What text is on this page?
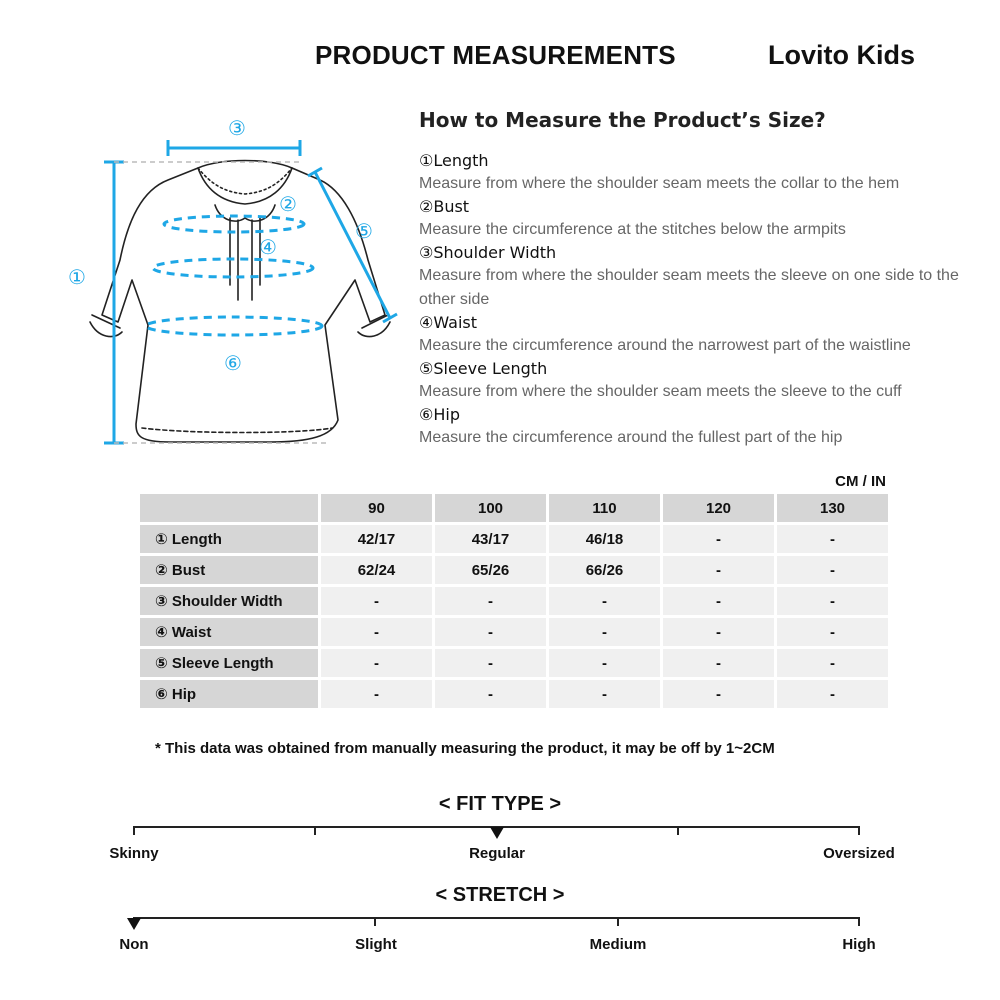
PRODUCT MEASUREMENTS	Lovito Kids
③
②
④
⑤
①
⑥
How to Measure the Product’s Size?
①Length
Measure from where the shoulder seam meets the collar to the hem
②Bust
Measure the circumference at the stitches below the armpits
③Shoulder Width
Measure from where the shoulder seam meets the sleeve on one side to the other side
④Waist
Measure the circumference around the narrowest part of the waistline
⑤Sleeve Length
Measure from where the shoulder seam meets the sleeve to the cuff
⑥Hip
Measure the circumference around the fullest part of the hip
CM / IN
	90	100	110	120	130
① Length	42/17	43/17	46/18	-	-
② Bust	62/24	65/26	66/26	-	-
③ Shoulder Width	-	-	-	-	-
④ Waist	-	-	-	-	-
⑤ Sleeve Length	-	-	-	-	-
⑥ Hip	-	-	-	-	-
* This data was obtained from manually measuring the product, it may be off by 1~2CM
< FIT TYPE >
Skinny	Regular	Oversized
< STRETCH >
Non	Slight	Medium	High
